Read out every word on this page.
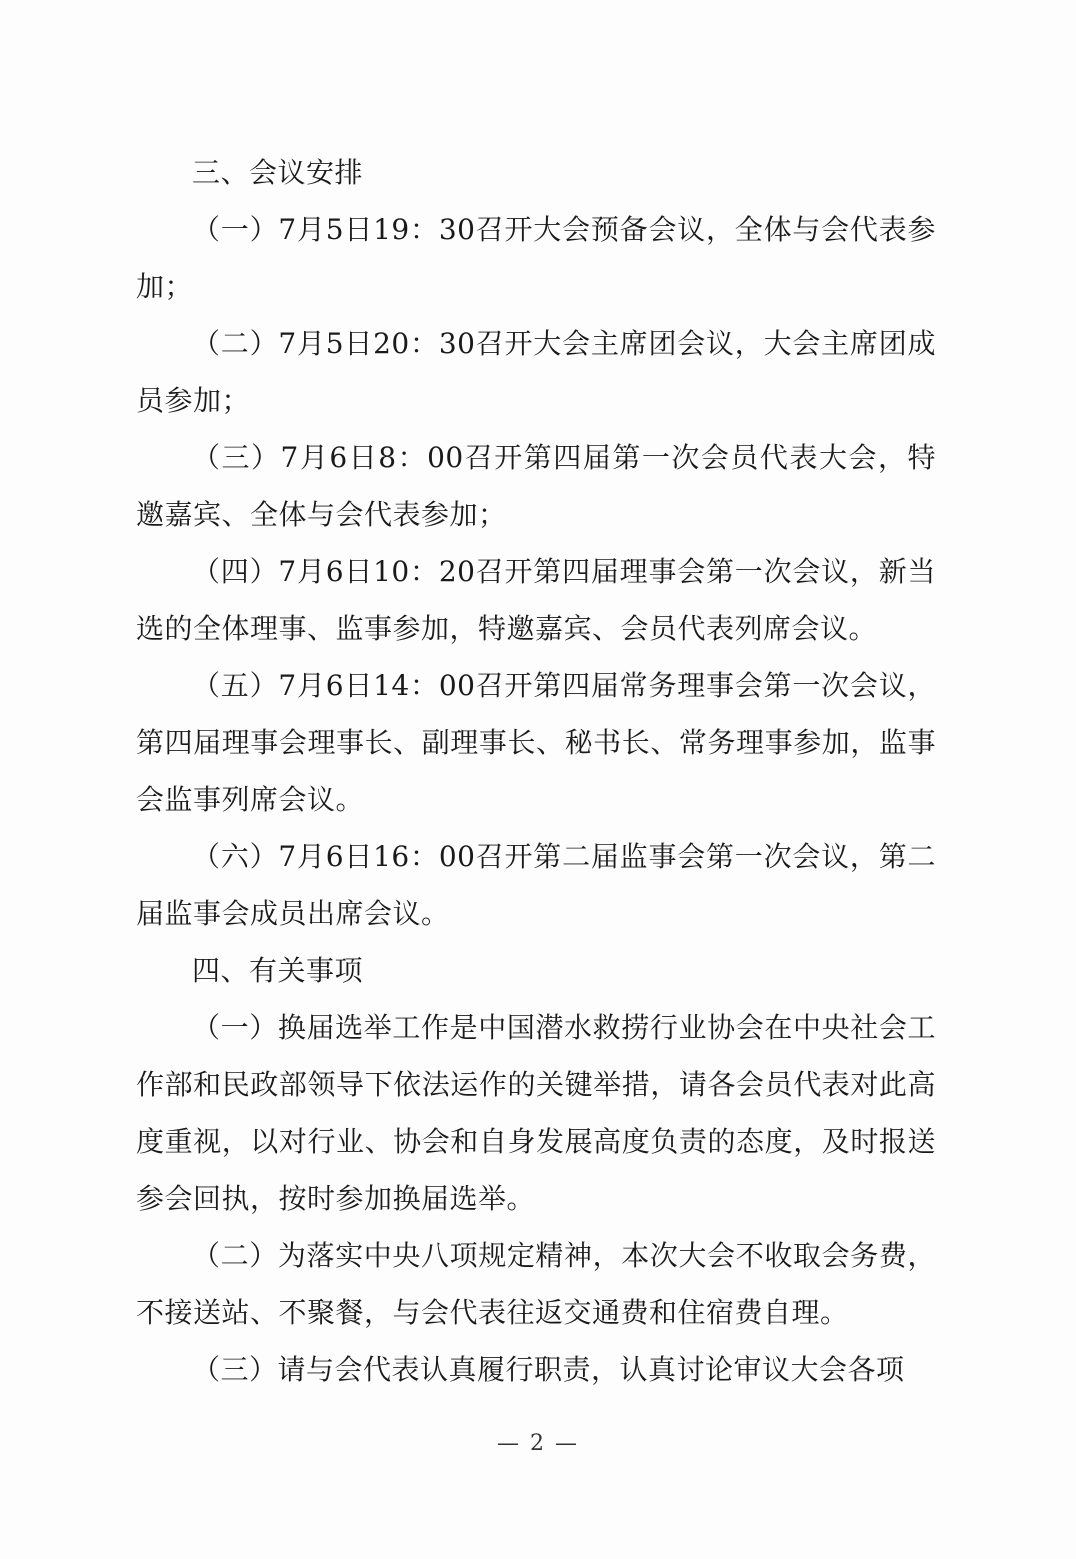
三、会议安排

（一）7月5日19：30召开大会预备会议，全体与会代表参加；

（二）7月5日20：30召开大会主席团会议，大会主席团成员参加；

（三）7月6日8：00召开第四届第一次会员代表大会，特邀嘉宾、全体与会代表参加；

（四）7月6日10：20召开第四届理事会第一次会议，新当选的全体理事、监事参加，特邀嘉宾、会员代表列席会议。

（五）7月6日14：00召开第四届常务理事会第一次会议，第四届理事会理事长、副理事长、秘书长、常务理事参加，监事会监事列席会议。

（六）7月6日16：00召开第二届监事会第一次会议，第二届监事会成员出席会议。

四、有关事项

（一）换届选举工作是中国潜水救捞行业协会在中央社会工作部和民政部领导下依法运作的关键举措，请各会员代表对此高度重视，以对行业、协会和自身发展高度负责的态度，及时报送参会回执，按时参加换届选举。

（二）为落实中央八项规定精神，本次大会不收取会务费，不接送站、不聚餐，与会代表往返交通费和住宿费自理。

（三）请与会代表认真履行职责，认真讨论审议大会各项

— 2 —
